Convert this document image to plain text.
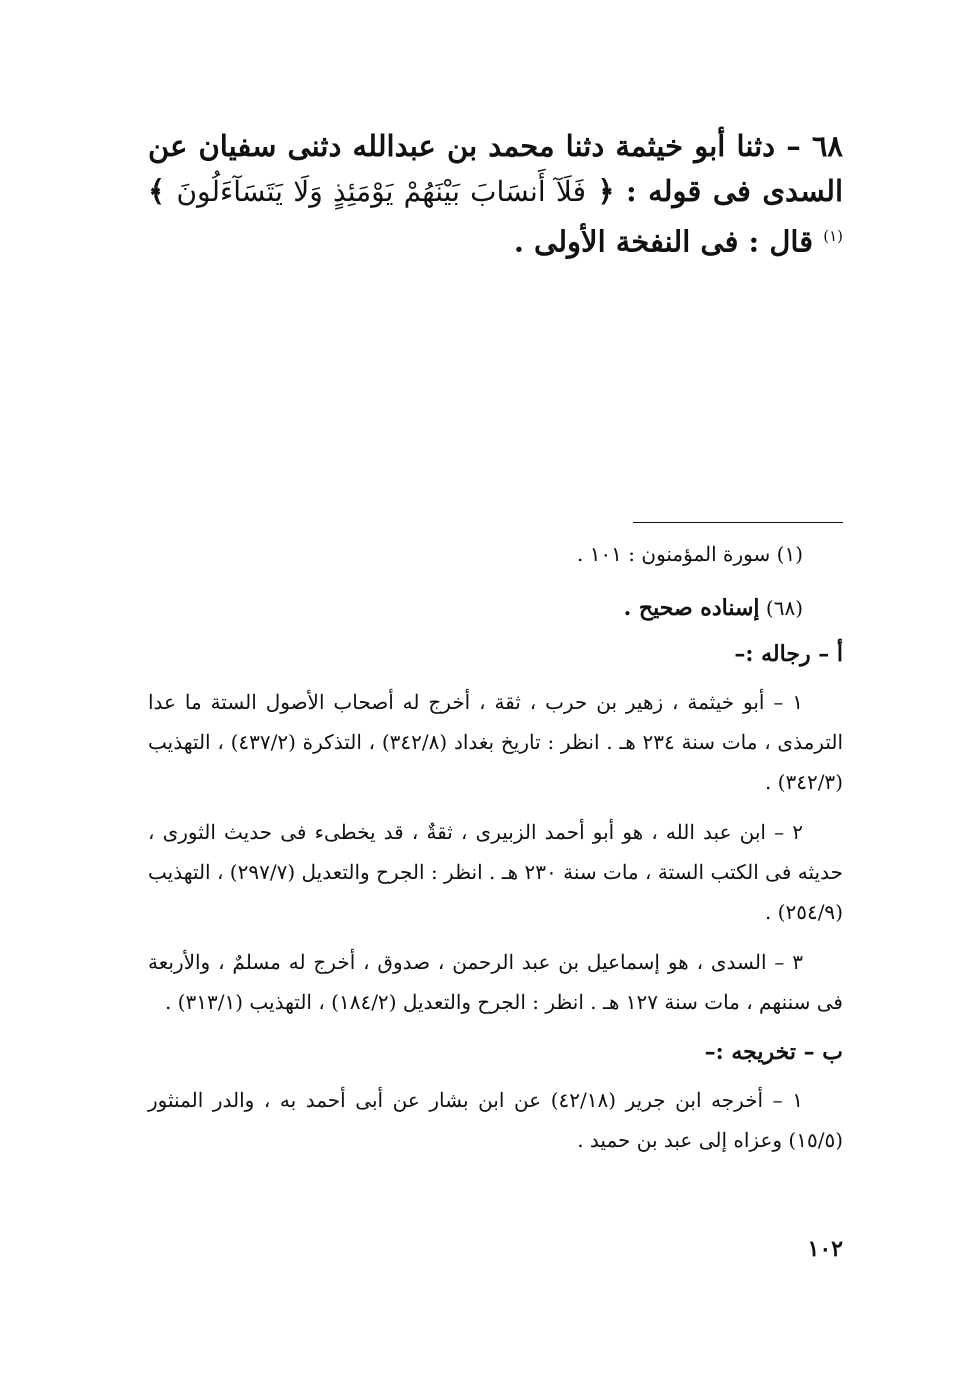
٦٨ – دثنا أبو خيثمة دثنا محمد بن عبدالله دثنى سفيان عن السدى فى قوله : ﴿ فَلَآ أَنسَابَ بَيْنَهُمْ يَوْمَئِذٍ وَلَا يَتَسَآءَلُونَ ﴾$^{(١)}$ قال : فى النفخة الأولى .

(١) سورة المؤمنون : ١٠١ .

(٦٨) إسناده صحيح .

أ – رجاله :–

١ – أبو خيثمة ، زهير بن حرب ، ثقة ، أخرج له أصحاب الأصول الستة ما عدا الترمذى ، مات سنة ٢٣٤ هـ . انظر : تاريخ بغداد (٣٤٢/٨) ، التذكرة (٤٣٧/٢) ، التهذيب (٣٤٢/٣) .

٢ – ابن عبد الله ، هو أبو أحمد الزبيرى ، ثقةٌ ، قد يخطىء فى حديث الثورى ، حديثه فى الكتب الستة ، مات سنة ٢٣٠ هـ . انظر : الجرح والتعديل (٢٩٧/٧) ، التهذيب (٢٥٤/٩) .

٣ – السدى ، هو إسماعيل بن عبد الرحمن ، صدوق ، أخرج له مسلمٌ ، والأربعة فى سننهم ، مات سنة ١٢٧ هـ . انظر : الجرح والتعديل (١٨٤/٢) ، التهذيب (٣١٣/١) .

ب – تخريجه :–

١ – أخرجه ابن جرير (٤٢/١٨) عن ابن بشار عن أبى أحمد به ، والدر المنثور (١٥/٥) وعزاه إلى عبد بن حميد .

١٠٢
